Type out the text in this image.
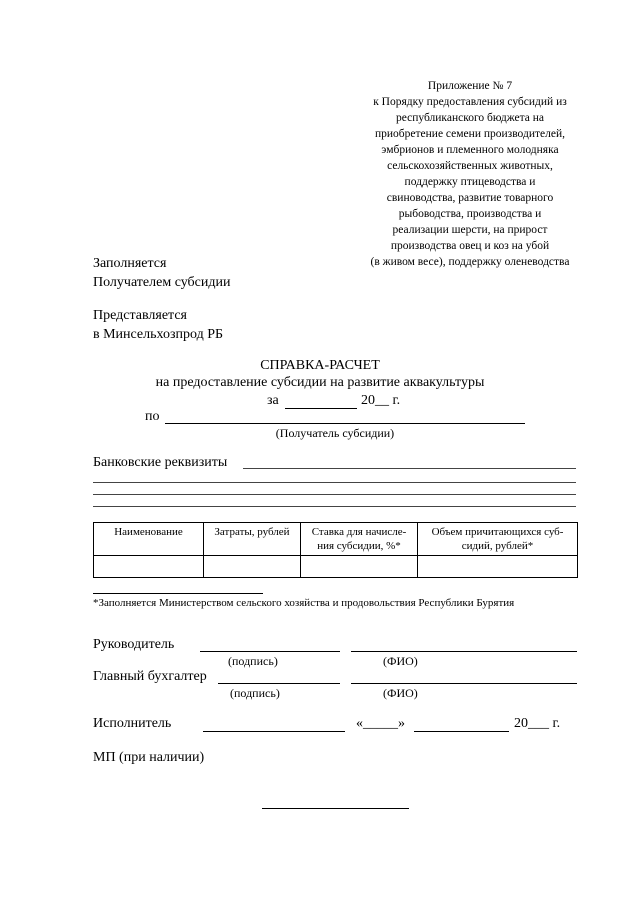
Приложение № 7
к Порядку предоставления субсидий из
республиканского бюджета на
приобретение семени производителей,
эмбрионов и племенного молодняка
сельскохозяйственных животных,
поддержку птицеводства и
свиноводства, развитие товарного
рыбоводства, производства и
реализации шерсти, на прирост
производства овец и коз на убой
(в живом весе), поддержку оленеводства
Заполняется
Получателем субсидии
Представляется
в Минсельхозпрод РБ
СПРАВКА-РАСЧЕТ
на предоставление субсидии на развитие аквакультуры
за	20__ г.
по
(Получатель субсидии)
Банковские реквизиты
Наименование	Затраты, рублей	Ставка для начисле-ния субсидии, %*	Объем причитающихся суб-сидий, рублей*

*Заполняется Министерством сельского хозяйства и продовольствия Республики Бурятия
Руководитель
(подпись)	(ФИО)
Главный бухгалтер
(подпись)	(ФИО)
Исполнитель	«_____»	20___ г.
МП (при наличии)
